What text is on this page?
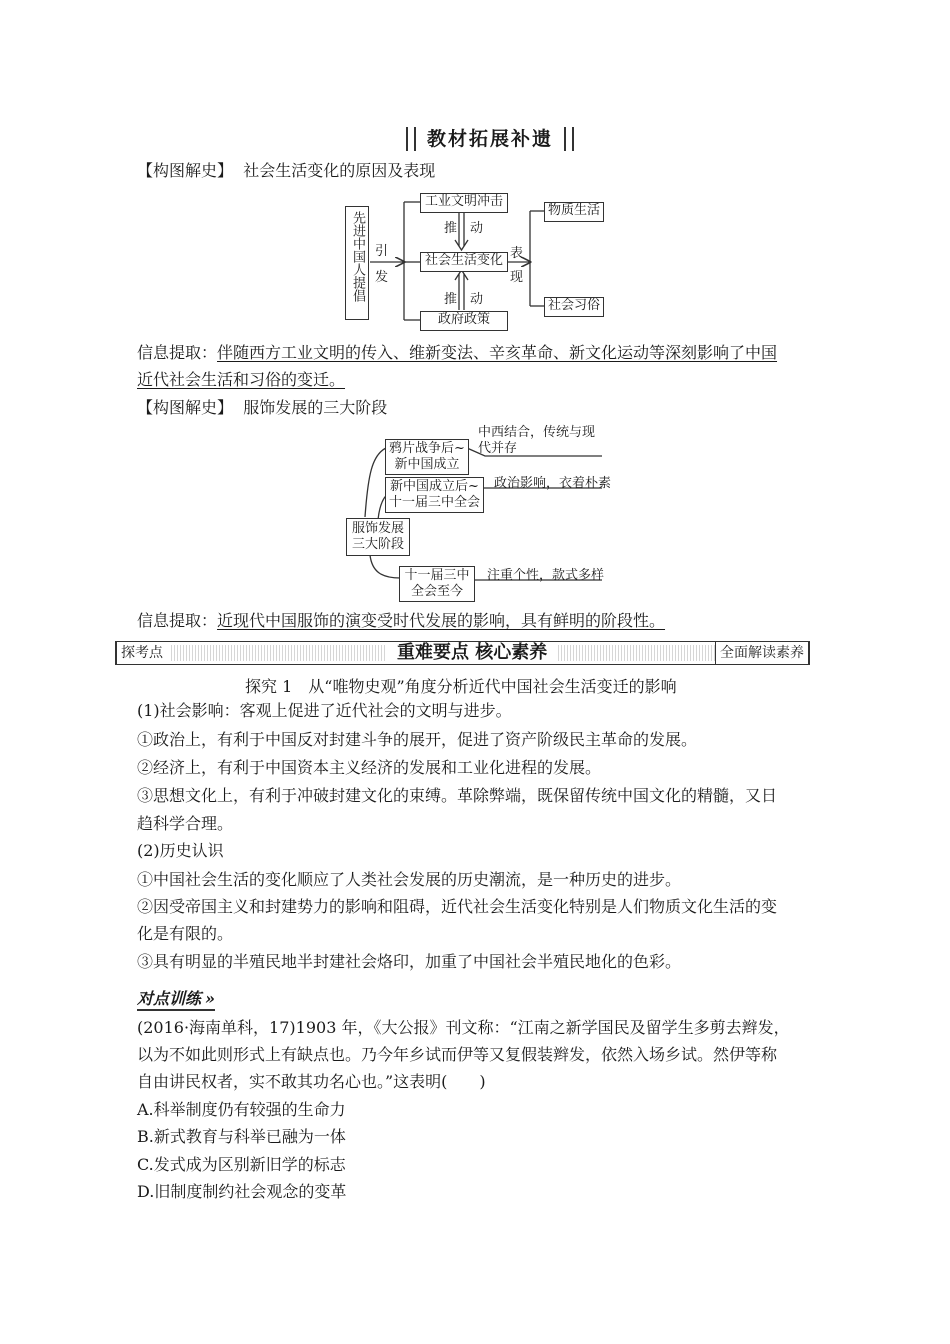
教材拓展补遗
【构图解史】 社会生活变化的原因及表现
先进中国人提倡 引
发
工业文明冲击
推 动
社会生活变化
推 动
政府政策
表
现
物质生活
社会习俗
信息提取：伴随西方工业文明的传入、维新变法、辛亥革命、新文化运动等深刻影响了中国
近代社会生活和习俗的变迁。
【构图解史】 服饰发展的三大阶段
服饰发展
三大阶段
鸦片战争后~
新中国成立
中西结合，传统与现
代并存
新中国成立后~
十一届三中全会
政治影响，衣着朴素
十一届三中
全会至今
注重个性，款式多样
信息提取：近现代中国服饰的演变受时代发展的影响，具有鲜明的阶段性。
探考点	重难要点 核心素养	全面解读素养
探究 1　从“唯物史观”角度分析近代中国社会生活变迁的影响
(1)社会影响：客观上促进了近代社会的文明与进步。
①政治上，有利于中国反对封建斗争的展开，促进了资产阶级民主革命的发展。
②经济上，有利于中国资本主义经济的发展和工业化进程的发展。
③思想文化上，有利于冲破封建文化的束缚。革除弊端，既保留传统中国文化的精髓，又日
趋科学合理。
(2)历史认识
①中国社会生活的变化顺应了人类社会发展的历史潮流，是一种历史的进步。
②因受帝国主义和封建势力的影响和阻碍，近代社会生活变化特别是人们物质文化生活的变
化是有限的。
③具有明显的半殖民地半封建社会烙印，加重了中国社会半殖民地化的色彩。
对点训练 »
(2016·海南单科，17)1903 年，《大公报》刊文称：“江南之新学国民及留学生多剪去辫发，
以为不如此则形式上有缺点也。乃今年乡试而伊等又复假装辫发，依然入场乡试。然伊等称
自由讲民权者，实不敢其功名心也。”这表明(　　)
A.科举制度仍有较强的生命力
B.新式教育与科举已融为一体
C.发式成为区别新旧学的标志
D.旧制度制约社会观念的变革
